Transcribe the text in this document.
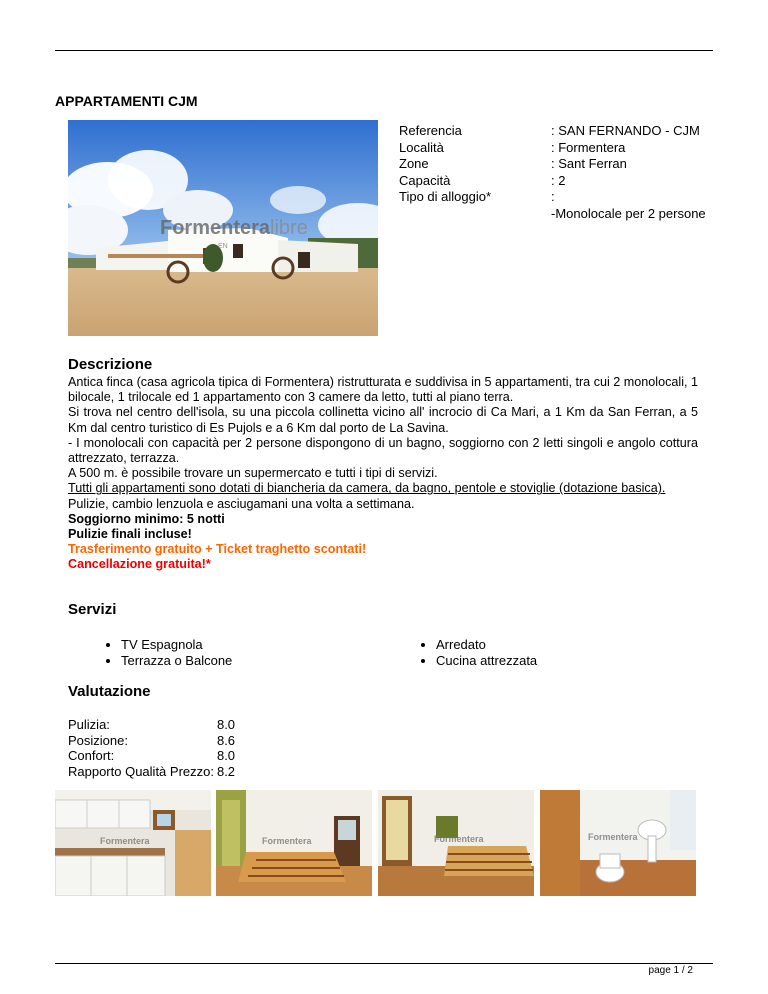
APPARTAMENTI CJM
Formentera libre
EN
Referencia	: SAN FERNANDO - CJM
Località	: Formentera
Zone	: Sant Ferran
Capacità	: 2
Tipo di alloggio*	:
-Monolocale per 2 persone
Descrizione

Antica finca (casa agricola tipica di Formentera) ristrutturata e suddivisa in 5 appartamenti, tra cui 2 monolocali, 1 bilocale, 1 trilocale ed 1 appartamento con 3 camere da letto, tutti al piano terra.

Si trova nel centro dell'isola, su una piccola collinetta vicino all' incrocio di Ca Mari, a 1 Km da San Ferran, a 5 Km dal centro turistico di Es Pujols e a 6 Km dal porto de La Savina.

- I monolocali con capacità per 2 persone dispongono di un bagno, soggiorno con 2 letti singoli e angolo cottura attrezzato, terrazza.

A 500 m. è possibile trovare un supermercato e tutti i tipi di servizi.

Tutti gli appartamenti sono dotati di biancheria da camera, da bagno, pentole e stoviglie (dotazione basica).

Pulizie, cambio lenzuola e asciugamani una volta a settimana.

Soggiorno minimo: 5 notti

Pulizie finali incluse!

Trasferimento gratuito + Ticket traghetto scontati!

Cancellazione gratuita!*

Servizi
• TV Espagnola
• Terrazza o Balcone
• Arredato
• Cucina attrezzata
Valutazione
Pulizia:	8.0
Posizione:	8.6
Confort:	8.0
Rapporto Qualità Prezzo:	8.2
Formentera	Formentera	Formentera	Formentera
page 1 / 2
